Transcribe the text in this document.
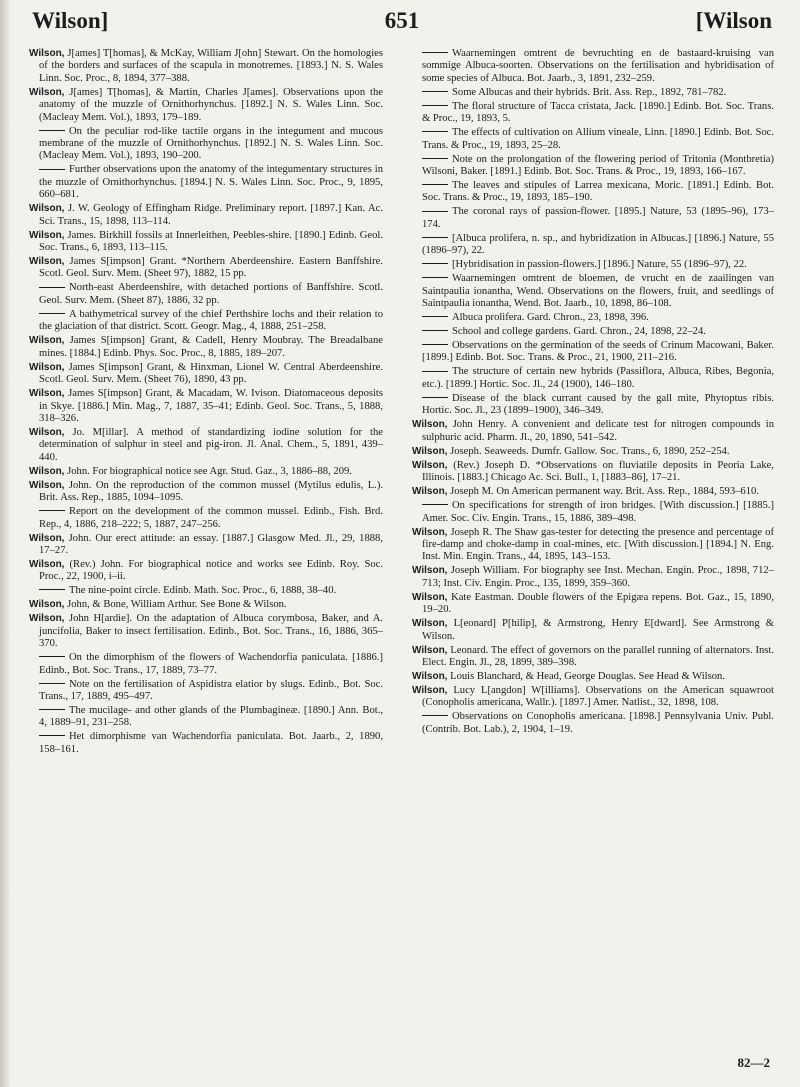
Wilson]	651	[Wilson

Wilson, J[ames] T[homas], & McKay, William J[ohn] Stewart. On the homologies of the borders and surfaces of the scapula in monotremes. [1893.] N. S. Wales Linn. Soc. Proc., 8, 1894, 377–388.

Wilson, J[ames] T[homas], & Martin, Charles J[ames]. Observations upon the anatomy of the muzzle of Ornithorhynchus. [1892.] N. S. Wales Linn. Soc. (Macleay Mem. Vol.), 1893, 179–189.

On the peculiar rod-like tactile organs in the integument and mucous membrane of the muzzle of Ornithorhynchus. [1892.] N. S. Wales Linn. Soc. (Macleay Mem. Vol.), 1893, 190–200.

Further observations upon the anatomy of the integumentary structures in the muzzle of Ornithorhynchus. [1894.] N. S. Wales Linn. Soc. Proc., 9, 1895, 660–681.

Wilson, J. W. Geology of Effingham Ridge. Preliminary report. [1897.] Kan. Ac. Sci. Trans., 15, 1898, 113–114.

Wilson, James. Birkhill fossils at Innerleithen, Peebles-shire. [1890.] Edinb. Geol. Soc. Trans., 6, 1893, 113–115.

Wilson, James S[impson] Grant. *Northern Aberdeenshire. Eastern Banffshire. Scotl. Geol. Surv. Mem. (Sheet 97), 1882, 15 pp.

North-east Aberdeenshire, with detached portions of Banffshire. Scotl. Geol. Surv. Mem. (Sheet 87), 1886, 32 pp.

A bathymetrical survey of the chief Perthshire lochs and their relation to the glaciation of that district. Scott. Geogr. Mag., 4, 1888, 251–258.

Wilson, James S[impson] Grant, & Cadell, Henry Moubray. The Breadalbane mines. [1884.] Edinb. Phys. Soc. Proc., 8, 1885, 189–207.

Wilson, James S[impson] Grant, & Hinxman, Lionel W. Central Aberdeenshire. Scotl. Geol. Surv. Mem. (Sheet 76), 1890, 43 pp.

Wilson, James S[impson] Grant, & Macadam, W. Ivison. Diatomaceous deposits in Skye. [1886.] Min. Mag., 7, 1887, 35–41; Edinb. Geol. Soc. Trans., 5, 1888, 318–326.

Wilson, Jo. M[illar]. A method of standardizing iodine solution for the determination of sulphur in steel and pig-iron. Jl. Anal. Chem., 5, 1891, 439–440.

Wilson, John. For biographical notice see Agr. Stud. Gaz., 3, 1886–88, 209.

Wilson, John. On the reproduction of the common mussel (Mytilus edulis, L.). Brit. Ass. Rep., 1885, 1094–1095.

Report on the development of the common mussel. Edinb., Fish. Brd. Rep., 4, 1886, 218–222; 5, 1887, 247–256.

Wilson, John. Our erect attitude: an essay. [1887.] Glasgow Med. Jl., 29, 1888, 17–27.

Wilson, (Rev.) John. For biographical notice and works see Edinb. Roy. Soc. Proc., 22, 1900, i–ii.

The nine-point circle. Edinb. Math. Soc. Proc., 6, 1888, 38–40.

Wilson, John, & Bone, William Arthur. See Bone & Wilson.

Wilson, John H[ardie]. On the adaptation of Albuca corymbosa, Baker, and A. juncifolia, Baker to insect fertilisation. Edinb., Bot. Soc. Trans., 16, 1886, 365–370.

On the dimorphism of the flowers of Wachendorfia paniculata. [1886.] Edinb., Bot. Soc. Trans., 17, 1889, 73–77.

Note on the fertilisation of Aspidistra elatior by slugs. Edinb., Bot. Soc. Trans., 17, 1889, 495–497.

The mucilage- and other glands of the Plumbagineæ. [1890.] Ann. Bot., 4, 1889–91, 231–258.

Het dimorphisme van Wachendorfia paniculata. Bot. Jaarb., 2, 1890, 158–161.

Waarnemingen omtrent de bevruchting en de bastaard-kruising van sommige Albuca-soorten. Observations on the fertilisation and hybridisation of some species of Albuca. Bot. Jaarb., 3, 1891, 232–259.

Some Albucas and their hybrids. Brit. Ass. Rep., 1892, 781–782.

The floral structure of Tacca cristata, Jack. [1890.] Edinb. Bot. Soc. Trans. & Proc., 19, 1893, 5.

The effects of cultivation on Allium vineale, Linn. [1890.] Edinb. Bot. Soc. Trans. & Proc., 19, 1893, 25–28.

Note on the prolongation of the flowering period of Tritonia (Montbretia) Wilsoni, Baker. [1891.] Edinb. Bot. Soc. Trans. & Proc., 19, 1893, 166–167.

The leaves and stipules of Larrea mexicana, Moric. [1891.] Edinb. Bot. Soc. Trans. & Proc., 19, 1893, 185–190.

The coronal rays of passion-flower. [1895.] Nature, 53 (1895–96), 173–174.

[Albuca prolifera, n. sp., and hybridization in Albucas.] [1896.] Nature, 55 (1896–97), 22.

[Hybridisation in passion-flowers.] [1896.] Nature, 55 (1896–97), 22.

Waarnemingen omtrent de bloemen, de vrucht en de zaailingen van Saintpaulia ionantha, Wend. Observations on the flowers, fruit, and seedlings of Saintpaulia ionantha, Wend. Bot. Jaarb., 10, 1898, 86–108.

Albuca prolifera. Gard. Chron., 23, 1898, 396.

School and college gardens. Gard. Chron., 24, 1898, 22–24.

Observations on the germination of the seeds of Crinum Macowani, Baker. [1899.] Edinb. Bot. Soc. Trans. & Proc., 21, 1900, 211–216.

The structure of certain new hybrids (Passiflora, Albuca, Ribes, Begonia, etc.). [1899.] Hortic. Soc. Jl., 24 (1900), 146–180.

Disease of the black currant caused by the gall mite, Phytoptus ribis. Hortic. Soc. Jl., 23 (1899–1900), 346–349.

Wilson, John Henry. A convenient and delicate test for nitrogen compounds in sulphuric acid. Pharm. Jl., 20, 1890, 541–542.

Wilson, Joseph. Seaweeds. Dumfr. Gallow. Soc. Trans., 6, 1890, 252–254.

Wilson, (Rev.) Joseph D. *Observations on fluviatile deposits in Peoria Lake, Illinois. [1883.] Chicago Ac. Sci. Bull., 1, [1883–86], 17–21.

Wilson, Joseph M. On American permanent way. Brit. Ass. Rep., 1884, 593–610.

On specifications for strength of iron bridges. [With discussion.] [1885.] Amer. Soc. Civ. Engin. Trans., 15, 1886, 389–498.

Wilson, Joseph R. The Shaw gas-tester for detecting the presence and percentage of fire-damp and choke-damp in coal-mines, etc. [With discussion.] [1894.] N. Eng. Inst. Min. Engin. Trans., 44, 1895, 143–153.

Wilson, Joseph William. For biography see Inst. Mechan. Engin. Proc., 1898, 712–713; Inst. Civ. Engin. Proc., 135, 1899, 359–360.

Wilson, Kate Eastman. Double flowers of the Epigæa repens. Bot. Gaz., 15, 1890, 19–20.

Wilson, L[eonard] P[hilip], & Armstrong, Henry E[dward]. See Armstrong & Wilson.

Wilson, Leonard. The effect of governors on the parallel running of alternators. Inst. Elect. Engin. Jl., 28, 1899, 389–398.

Wilson, Louis Blanchard, & Head, George Douglas. See Head & Wilson.

Wilson, Lucy L[angdon] W[illiams]. Observations on the American squawroot (Conopholis americana, Wallr.). [1897.] Amer. Natlist., 32, 1898, 108.

Observations on Conopholis americana. [1898.] Pennsylvania Univ. Publ. (Contrib. Bot. Lab.), 2, 1904, 1–19.

82—2
